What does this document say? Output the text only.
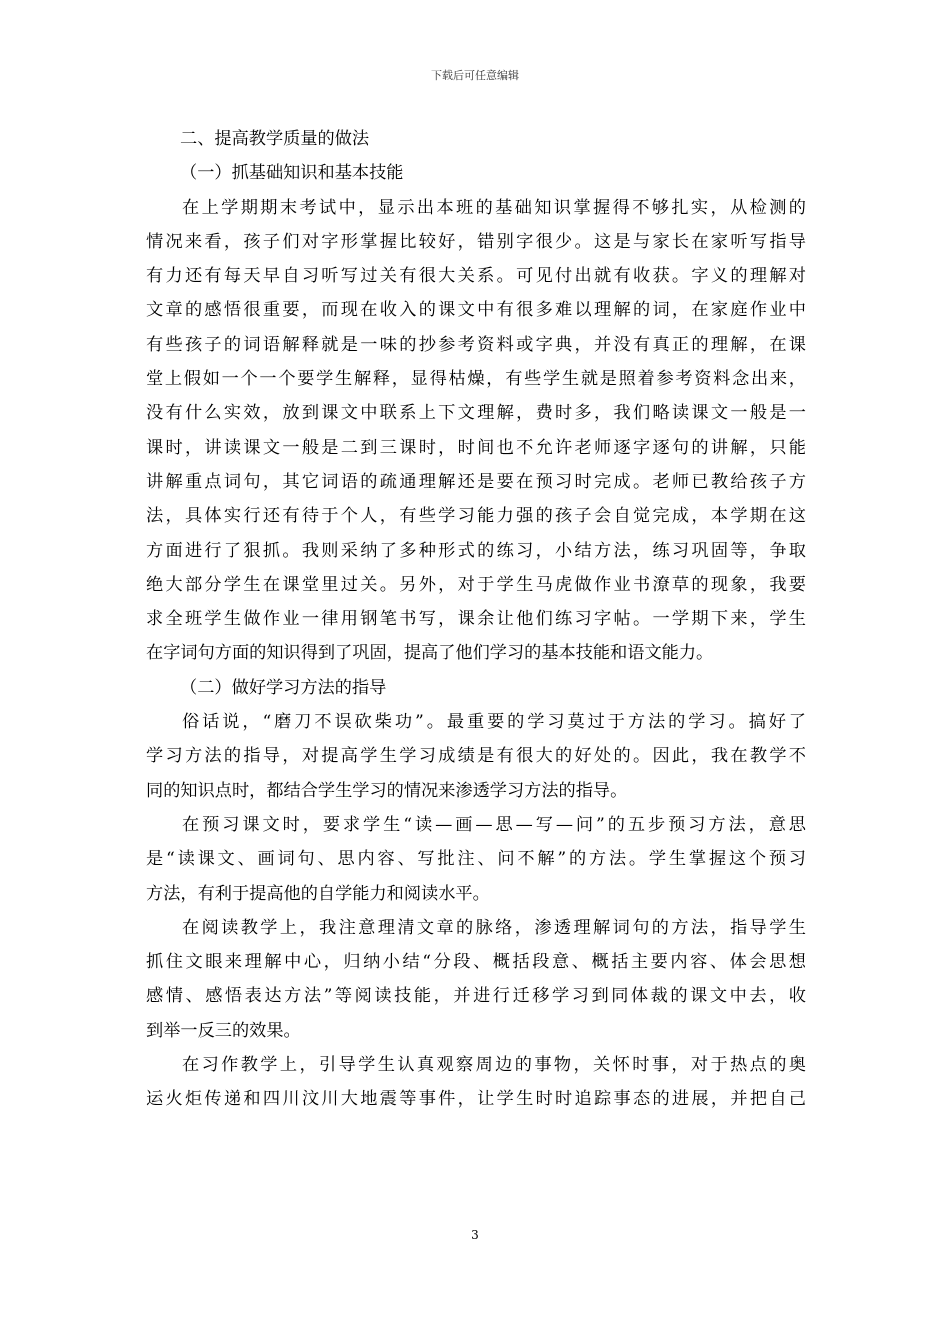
下载后可任意编辑
二、提高教学质量的做法
（一）抓基础知识和基本技能
在上学期期末考试中，显示出本班的基础知识掌握得不够扎实，从检测的
情况来看，孩子们对字形掌握比较好，错别字很少。这是与家长在家听写指导
有力还有每天早自习听写过关有很大关系。可见付出就有收获。字义的理解对
文章的感悟很重要，而现在收入的课文中有很多难以理解的词，在家庭作业中
有些孩子的词语解释就是一味的抄参考资料或字典，并没有真正的理解，在课
堂上假如一个一个要学生解释，显得枯燥，有些学生就是照着参考资料念出来，
没有什么实效，放到课文中联系上下文理解，费时多，我们略读课文一般是一
课时，讲读课文一般是二到三课时，时间也不允许老师逐字逐句的讲解，只能
讲解重点词句，其它词语的疏通理解还是要在预习时完成。老师已教给孩子方
法，具体实行还有待于个人，有些学习能力强的孩子会自觉完成，本学期在这
方面进行了狠抓。我则采纳了多种形式的练习，小结方法，练习巩固等，争取
绝大部分学生在课堂里过关。另外，对于学生马虎做作业书潦草的现象，我要
求全班学生做作业一律用钢笔书写，课余让他们练习字帖。一学期下来，学生
在字词句方面的知识得到了巩固，提高了他们学习的基本技能和语文能力。
（二）做好学习方法的指导
俗话说，“磨刀不误砍柴功”。最重要的学习莫过于方法的学习。搞好了
学习方法的指导，对提高学生学习成绩是有很大的好处的。因此，我在教学不
同的知识点时，都结合学生学习的情况来渗透学习方法的指导。
在预习课文时，要求学生“读—画—思—写—问”的五步预习方法，意思
是“读课文、画词句、思内容、写批注、问不解”的方法。学生掌握这个预习
方法，有利于提高他的自学能力和阅读水平。
在阅读教学上，我注意理清文章的脉络，渗透理解词句的方法，指导学生
抓住文眼来理解中心，归纳小结“分段、概括段意、概括主要内容、体会思想
感情、感悟表达方法”等阅读技能，并进行迁移学习到同体裁的课文中去，收
到举一反三的效果。
在习作教学上，引导学生认真观察周边的事物，关怀时事，对于热点的奥
运火炬传递和四川汶川大地震等事件，让学生时时追踪事态的进展，并把自己
3
